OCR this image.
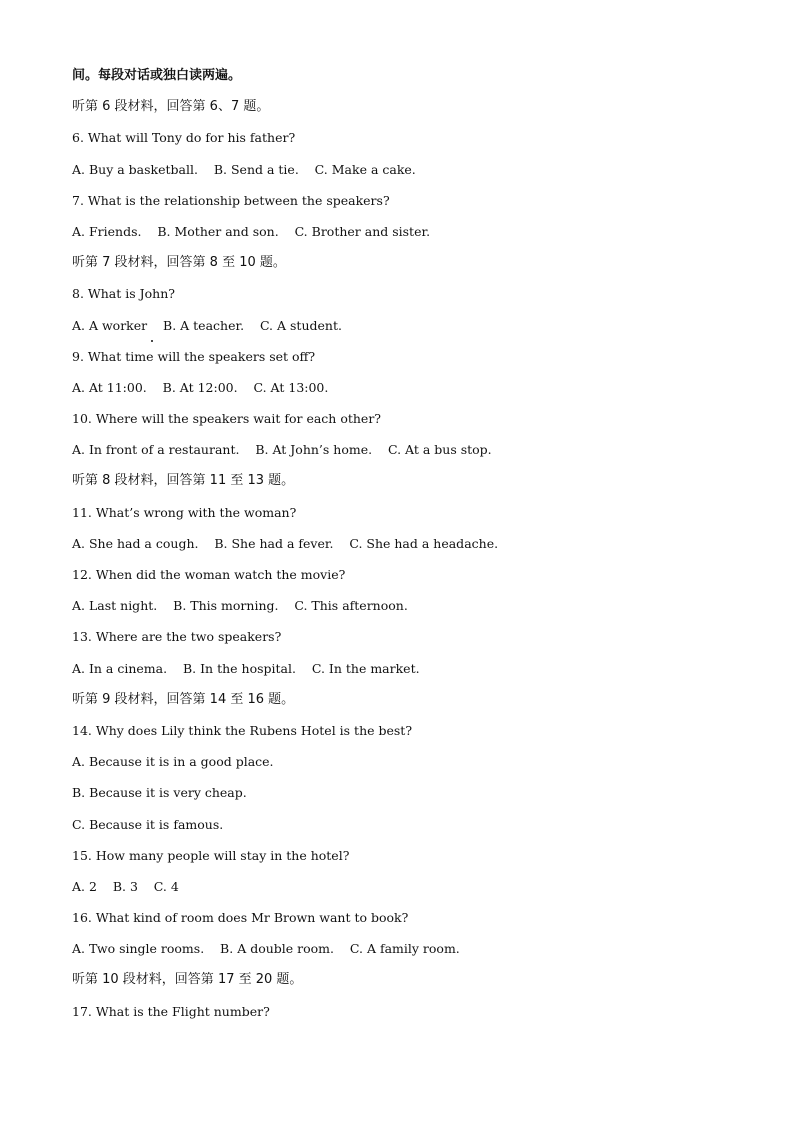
间。每段对话或独白读两遍。
听第 6 段材料，回答第 6、7 题。
6. What will Tony do for his father?
A. Buy a basketball.    B. Send a tie.    C. Make a cake.
7. What is the relationship between the speakers?
A. Friends.    B. Mother and son.    C. Brother and sister.
听第 7 段材料，回答第 8 至 10 题。
8. What is John?
A. A worker    B. A teacher.    C. A student.
9. What time will the speakers set off?
A. At 11:00.    B. At 12:00.    C. At 13:00.
10. Where will the speakers wait for each other?
A. In front of a restaurant.    B. At John’s home.    C. At a bus stop.
听第 8 段材料，回答第 11 至 13 题。
11. What’s wrong with the woman?
A. She had a cough.    B. She had a fever.    C. She had a headache.
12. When did the woman watch the movie?
A. Last night.    B. This morning.    C. This afternoon.
13. Where are the two speakers?
A. In a cinema.    B. In the hospital.    C. In the market.
听第 9 段材料，回答第 14 至 16 题。
14. Why does Lily think the Rubens Hotel is the best?
A. Because it is in a good place.
B. Because it is very cheap.
C. Because it is famous.
15. How many people will stay in the hotel?
A. 2    B. 3    C. 4
16. What kind of room does Mr Brown want to book?
A. Two single rooms.    B. A double room.    C. A family room.
听第 10 段材料，回答第 17 至 20 题。
17. What is the Flight number?
